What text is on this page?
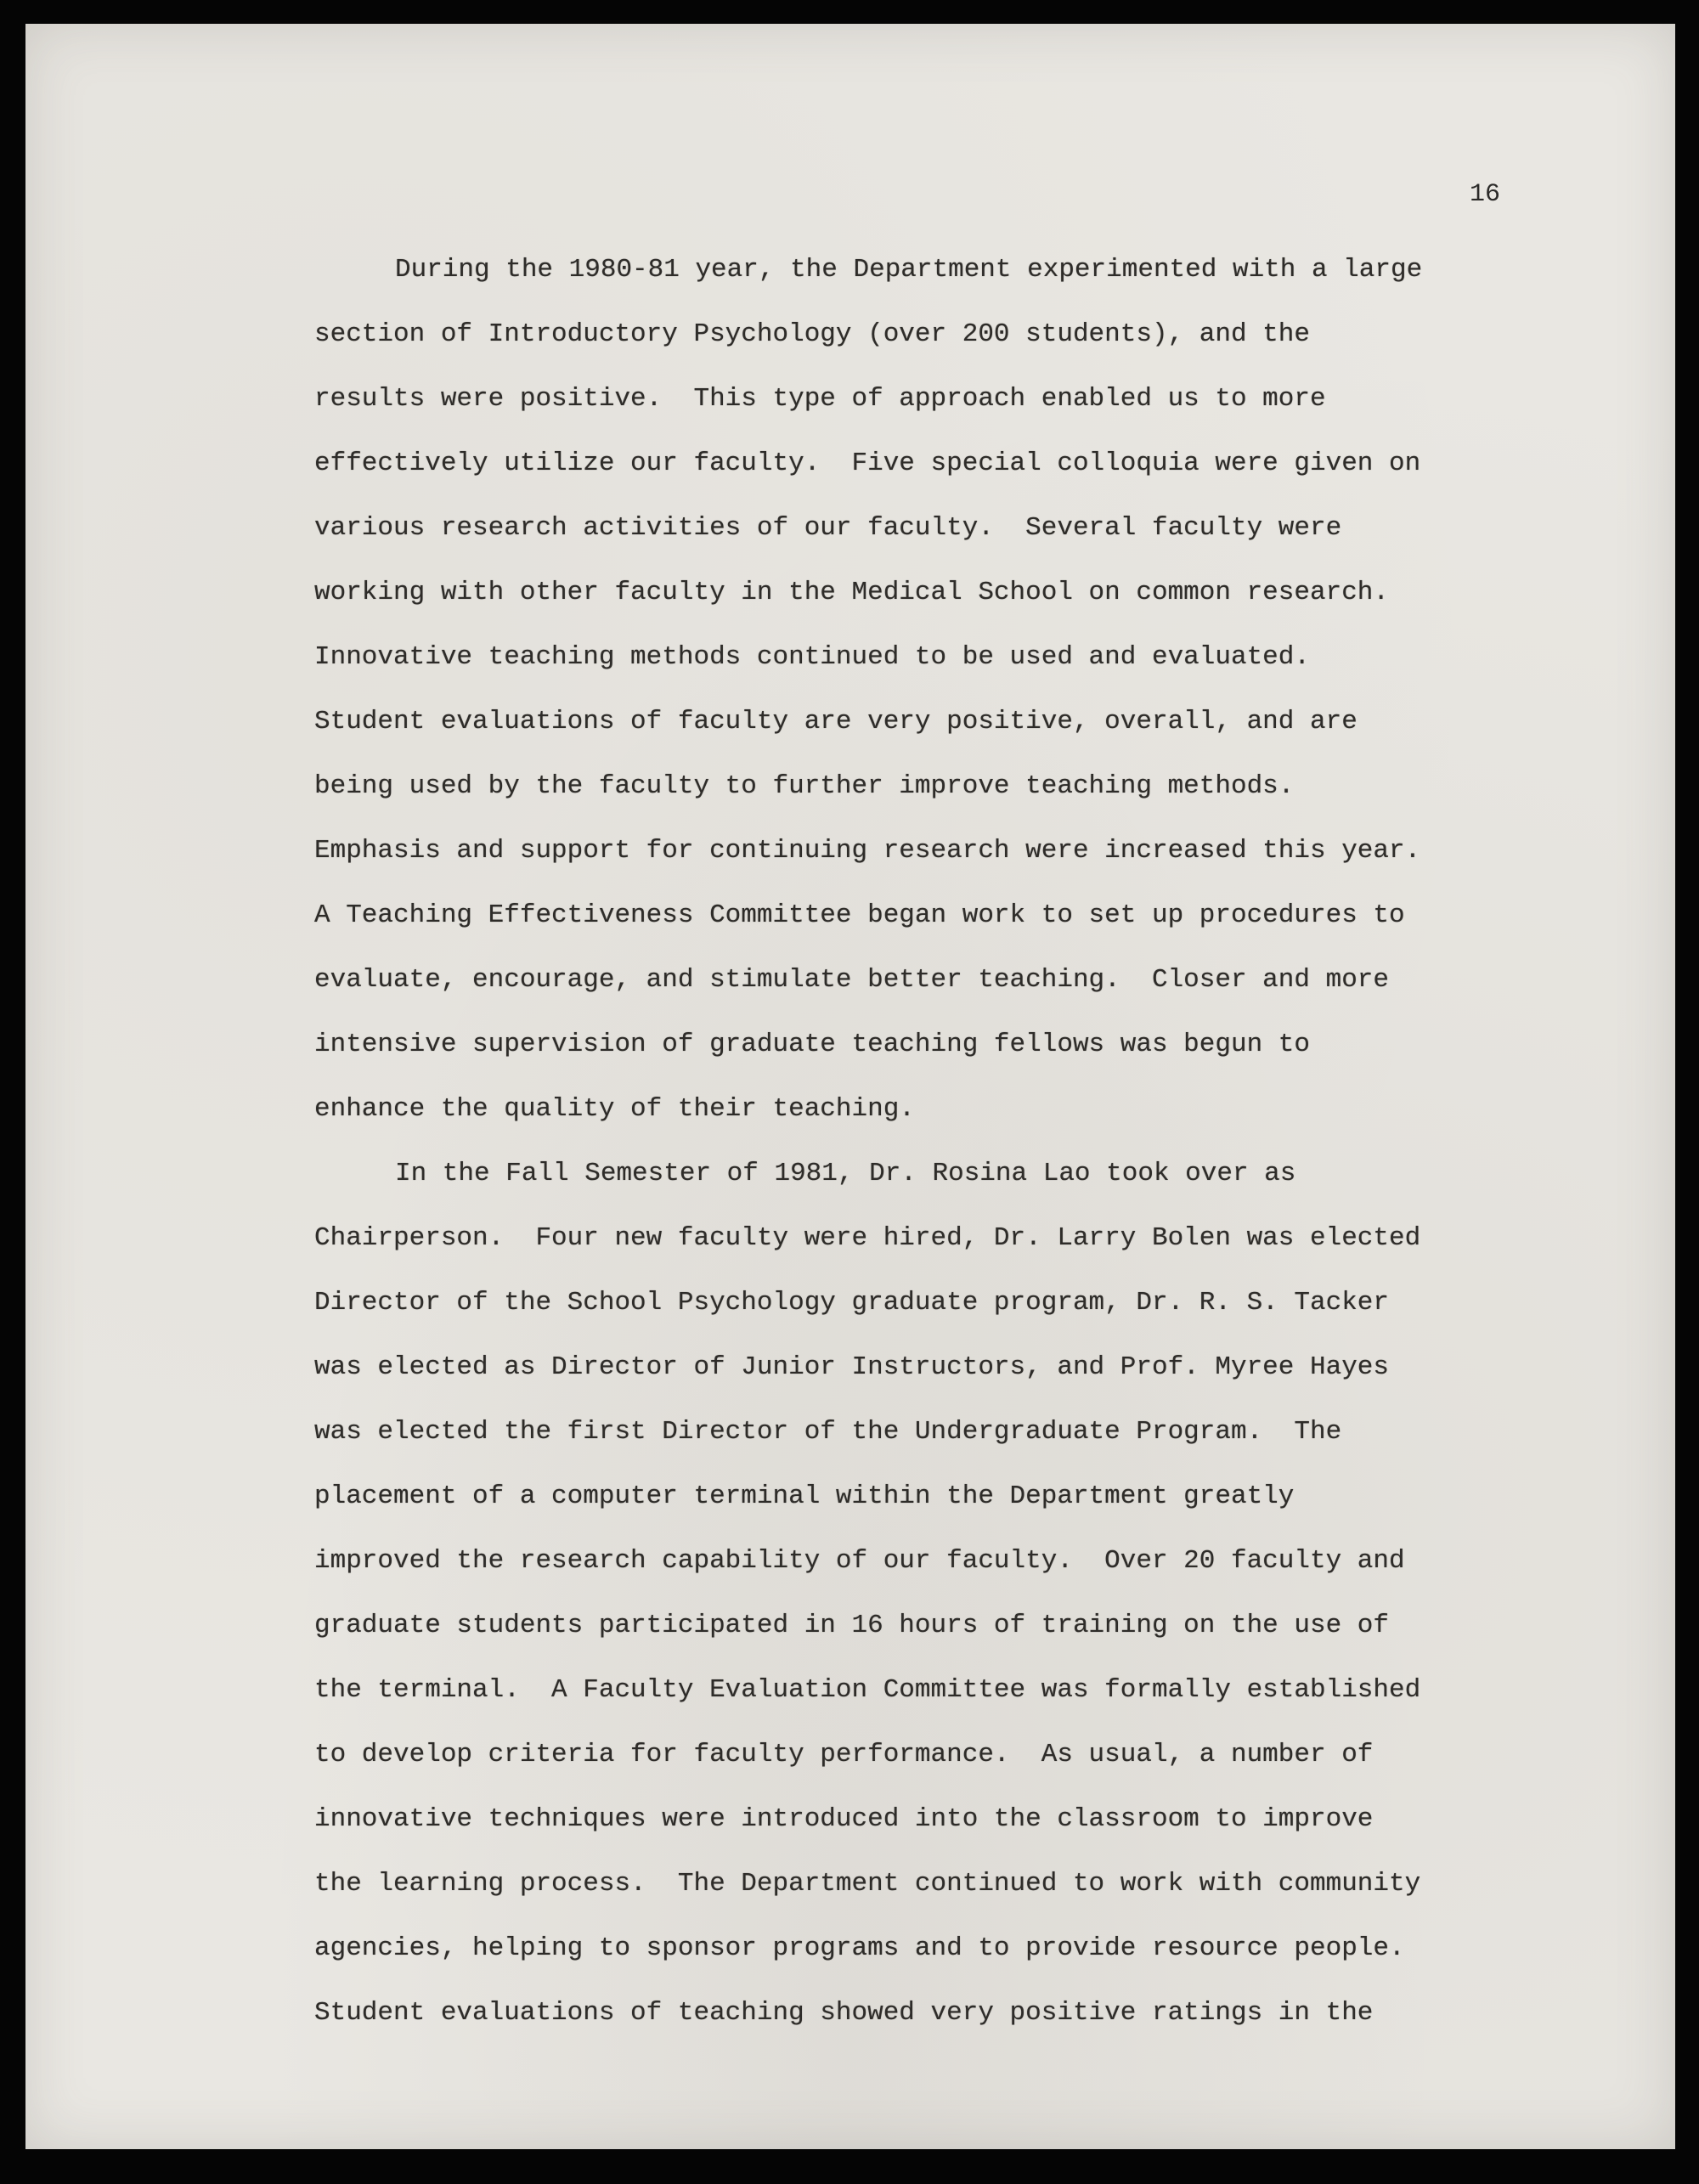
16
During the 1980-81 year, the Department experimented with a large
section of Introductory Psychology (over 200 students), and the
results were positive.  This type of approach enabled us to more
effectively utilize our faculty.  Five special colloquia were given on
various research activities of our faculty.  Several faculty were
working with other faculty in the Medical School on common research.
Innovative teaching methods continued to be used and evaluated.
Student evaluations of faculty are very positive, overall, and are
being used by the faculty to further improve teaching methods.
Emphasis and support for continuing research were increased this year.
A Teaching Effectiveness Committee began work to set up procedures to
evaluate, encourage, and stimulate better teaching.  Closer and more
intensive supervision of graduate teaching fellows was begun to
enhance the quality of their teaching.
In the Fall Semester of 1981, Dr. Rosina Lao took over as
Chairperson.  Four new faculty were hired, Dr. Larry Bolen was elected
Director of the School Psychology graduate program, Dr. R. S. Tacker
was elected as Director of Junior Instructors, and Prof. Myree Hayes
was elected the first Director of the Undergraduate Program.  The
placement of a computer terminal within the Department greatly
improved the research capability of our faculty.  Over 20 faculty and
graduate students participated in 16 hours of training on the use of
the terminal.  A Faculty Evaluation Committee was formally established
to develop criteria for faculty performance.  As usual, a number of
innovative techniques were introduced into the classroom to improve
the learning process.  The Department continued to work with community
agencies, helping to sponsor programs and to provide resource people.
Student evaluations of teaching showed very positive ratings in the
